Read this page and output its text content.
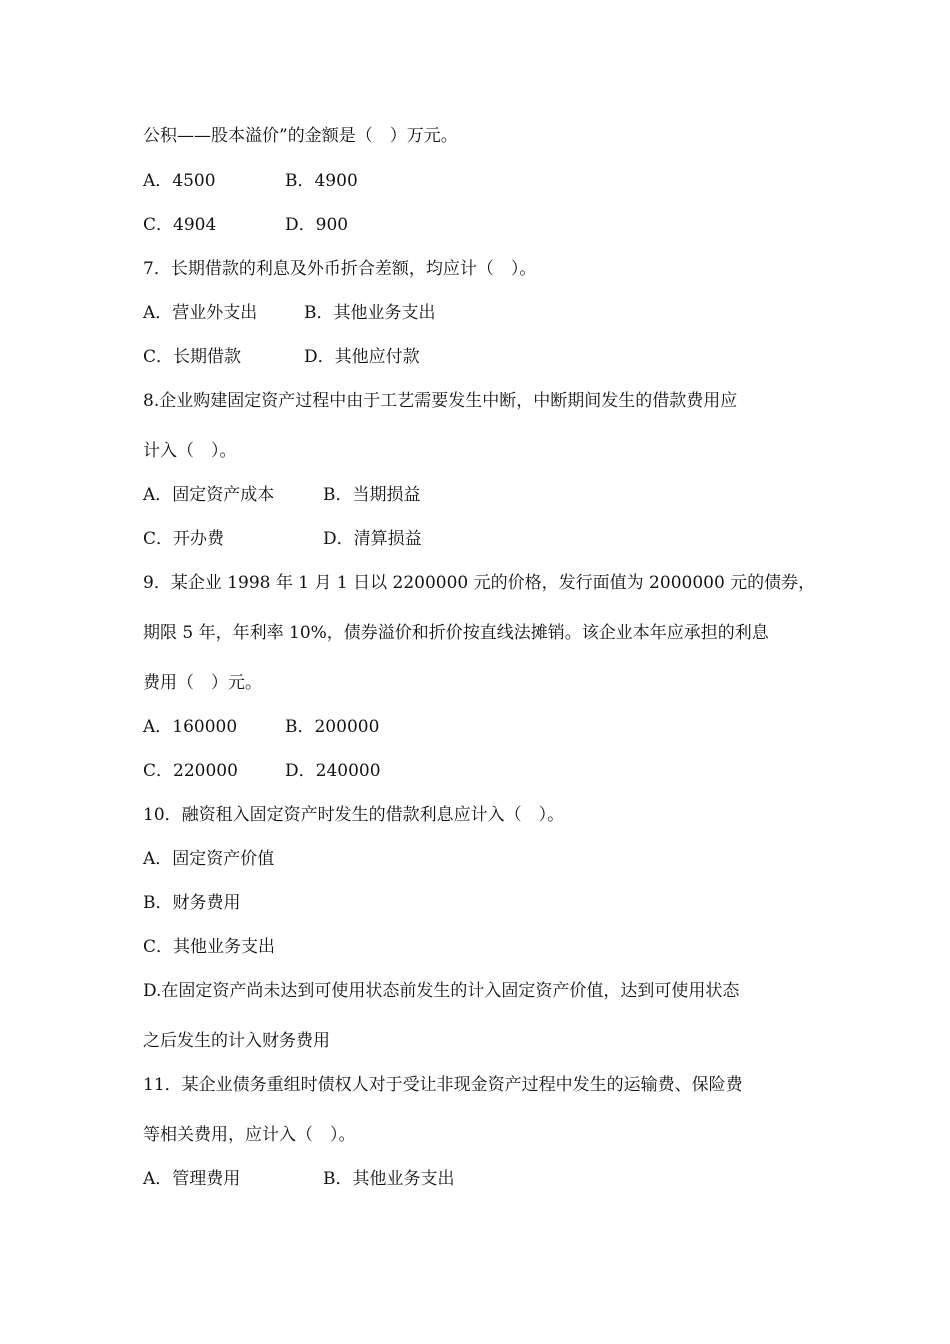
公积——股本溢价”的金额是（　）万元。
A．4500	B．4900
C．4904	D．900
7．长期借款的利息及外币折合差额，均应计（　）。
A．营业外支出	B．其他业务支出
C．长期借款	D．其他应付款
8.企业购建固定资产过程中由于工艺需要发生中断，中断期间发生的借款费用应
计入（　）。
A．固定资产成本	B．当期损益
C．开办费	D．清算损益
9．某企业 1998 年 1 月 1 日以 2200000 元的价格，发行面值为 2000000 元的债券，
期限 5 年，年利率 10%，债券溢价和折价按直线法摊销。该企业本年应承担的利息
费用（　）元。
A．160000	B．200000
C．220000	D．240000
10．融资租入固定资产时发生的借款利息应计入（　）。
A．固定资产价值
B．财务费用
C．其他业务支出
D.在固定资产尚未达到可使用状态前发生的计入固定资产价值，达到可使用状态
之后发生的计入财务费用
11．某企业债务重组时债权人对于受让非现金资产过程中发生的运输费、保险费
等相关费用，应计入（　）。
A．管理费用	B．其他业务支出
